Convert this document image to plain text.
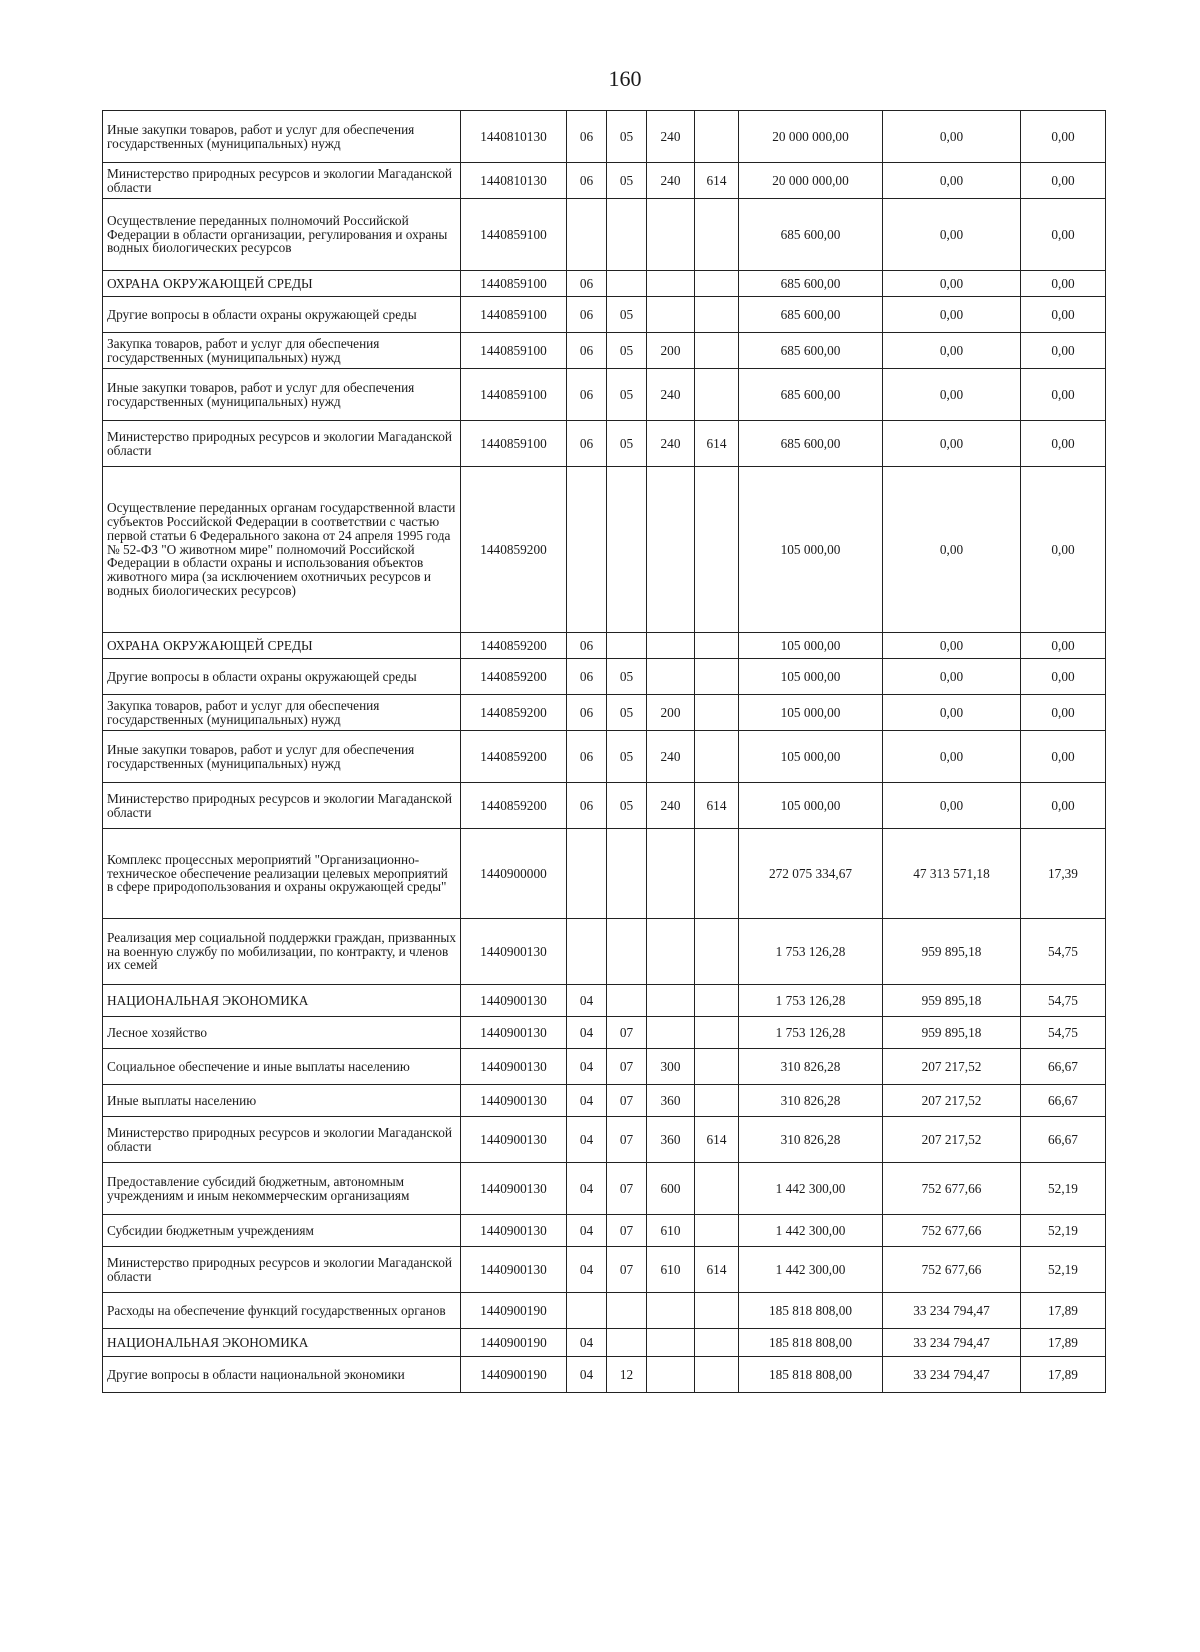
160
Иные закупки товаров, работ и услуг для обеспечения государственных (муниципальных) нужд	1440810130	06	05	240		20 000 000,00	0,00	0,00
Министерство природных ресурсов и экологии Магаданской области	1440810130	06	05	240	614	20 000 000,00	0,00	0,00
Осуществление переданных полномочий Российской Федерации в области организации, регулирования и охраны водных биологических ресурсов	1440859100					685 600,00	0,00	0,00
ОХРАНА ОКРУЖАЮЩЕЙ СРЕДЫ	1440859100	06				685 600,00	0,00	0,00
Другие вопросы в области охраны окружающей среды	1440859100	06	05			685 600,00	0,00	0,00
Закупка товаров, работ и услуг для обеспечения государственных (муниципальных) нужд	1440859100	06	05	200		685 600,00	0,00	0,00
Иные закупки товаров, работ и услуг для обеспечения государственных (муниципальных) нужд	1440859100	06	05	240		685 600,00	0,00	0,00
Министерство природных ресурсов и экологии Магаданской области	1440859100	06	05	240	614	685 600,00	0,00	0,00
Осуществление переданных органам государственной власти субъектов Российской Федерации в соответствии с частью первой статьи 6 Федерального закона от 24 апреля 1995 года № 52-ФЗ "О животном мире" полномочий Российской Федерации в области охраны и использования объектов животного мира (за исключением охотничьих ресурсов и водных биологических ресурсов)	1440859200					105 000,00	0,00	0,00
ОХРАНА ОКРУЖАЮЩЕЙ СРЕДЫ	1440859200	06				105 000,00	0,00	0,00
Другие вопросы в области охраны окружающей среды	1440859200	06	05			105 000,00	0,00	0,00
Закупка товаров, работ и услуг для обеспечения государственных (муниципальных) нужд	1440859200	06	05	200		105 000,00	0,00	0,00
Иные закупки товаров, работ и услуг для обеспечения государственных (муниципальных) нужд	1440859200	06	05	240		105 000,00	0,00	0,00
Министерство природных ресурсов и экологии Магаданской области	1440859200	06	05	240	614	105 000,00	0,00	0,00
Комплекс процессных мероприятий "Организационно-техническое обеспечение реализации целевых мероприятий в сфере природопользования и охраны окружающей среды"	1440900000					272 075 334,67	47 313 571,18	17,39
Реализация мер социальной поддержки граждан, призванных на военную службу по мобилизации, по контракту, и членов их семей	1440900130					1 753 126,28	959 895,18	54,75
НАЦИОНАЛЬНАЯ ЭКОНОМИКА	1440900130	04				1 753 126,28	959 895,18	54,75
Лесное хозяйство	1440900130	04	07			1 753 126,28	959 895,18	54,75
Социальное обеспечение и иные выплаты населению	1440900130	04	07	300		310 826,28	207 217,52	66,67
Иные выплаты населению	1440900130	04	07	360		310 826,28	207 217,52	66,67
Министерство природных ресурсов и экологии Магаданской области	1440900130	04	07	360	614	310 826,28	207 217,52	66,67
Предоставление субсидий бюджетным, автономным учреждениям и иным некоммерческим организациям	1440900130	04	07	600		1 442 300,00	752 677,66	52,19
Субсидии бюджетным учреждениям	1440900130	04	07	610		1 442 300,00	752 677,66	52,19
Министерство природных ресурсов и экологии Магаданской области	1440900130	04	07	610	614	1 442 300,00	752 677,66	52,19
Расходы на обеспечение функций государственных органов	1440900190					185 818 808,00	33 234 794,47	17,89
НАЦИОНАЛЬНАЯ ЭКОНОМИКА	1440900190	04				185 818 808,00	33 234 794,47	17,89
Другие вопросы в области национальной экономики	1440900190	04	12			185 818 808,00	33 234 794,47	17,89
